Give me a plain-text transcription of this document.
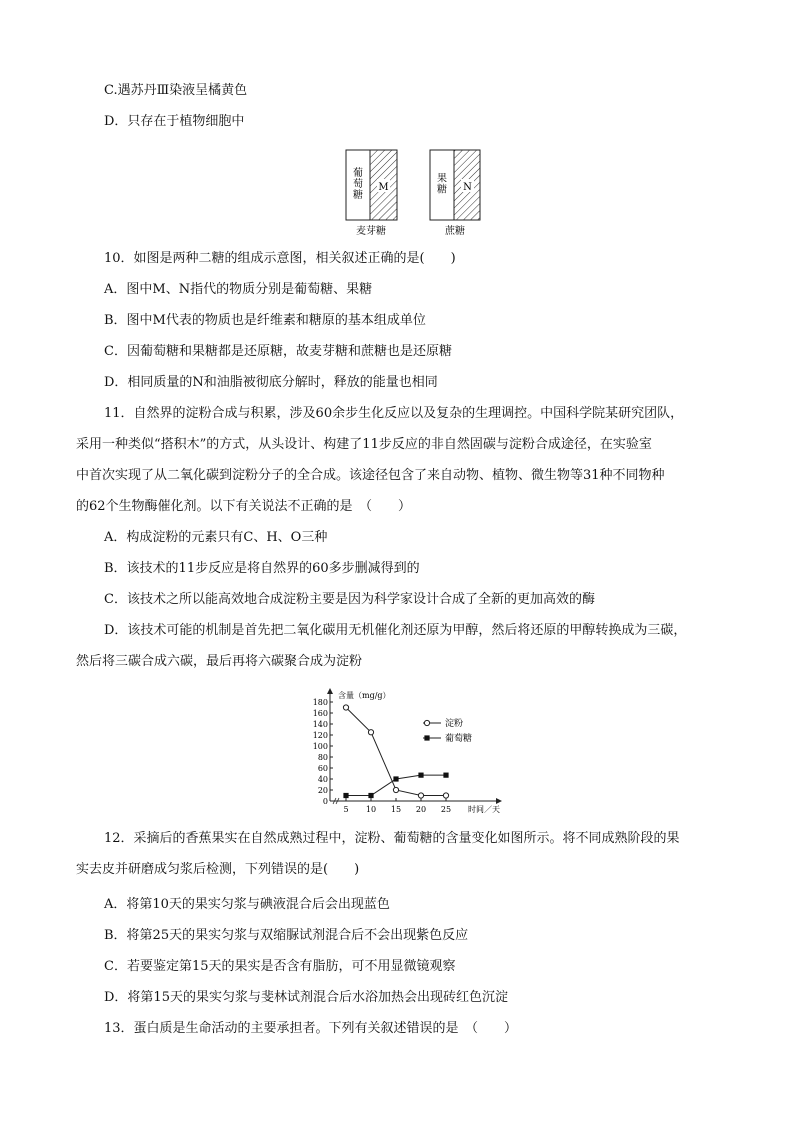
C.遇苏丹Ⅲ染液呈橘黄色
D．只存在于植物细胞中
葡萄糖
M
麦芽糖
果糖 N
蔗糖
10．如图是两种二糖的组成示意图，相关叙述正确的是(　　)
A．图中M、N指代的物质分别是葡萄糖、果糖
B．图中M代表的物质也是纤维素和糖原的基本组成单位
C．因葡萄糖和果糖都是还原糖，故麦芽糖和蔗糖也是还原糖
D．相同质量的N和油脂被彻底分解时，释放的能量也相同
11．自然界的淀粉合成与积累，涉及60余步生化反应以及复杂的生理调控。中国科学院某研究团队，
采用一种类似“搭积木”的方式，从头设计、构建了11步反应的非自然固碳与淀粉合成途径，在实验室
中首次实现了从二氧化碳到淀粉分子的全合成。该途径包含了来自动物、植物、微生物等31种不同物种
的62个生物酶催化剂。以下有关说法不正确的是　（　　）
A．构成淀粉的元素只有C、H、O三种
B．该技术的11步反应是将自然界的60多步删减得到的
C．该技术之所以能高效地合成淀粉主要是因为科学家设计合成了全新的更加高效的酶
D．该技术可能的机制是首先把二氧化碳用无机催化剂还原为甲醇，然后将还原的甲醇转换成为三碳，
然后将三碳合成六碳，最后再将六碳聚合成为淀粉
0
20
40
60
80
100
120
140
160
180
5 10 15 20 25
含量（mg/g）
时间／天
淀粉
葡萄糖
12．采摘后的香蕉果实在自然成熟过程中，淀粉、葡萄糖的含量变化如图所示。将不同成熟阶段的果
实去皮并研磨成匀浆后检测，下列错误的是(　　)
A．将第10天的果实匀浆与碘液混合后会出现蓝色
B．将第25天的果实匀浆与双缩脲试剂混合后不会出现紫色反应
C．若要鉴定第15天的果实是否含有脂肪，可不用显微镜观察
D．将第15天的果实匀浆与斐林试剂混合后水浴加热会出现砖红色沉淀
13．蛋白质是生命活动的主要承担者。下列有关叙述错误的是　（　　）
